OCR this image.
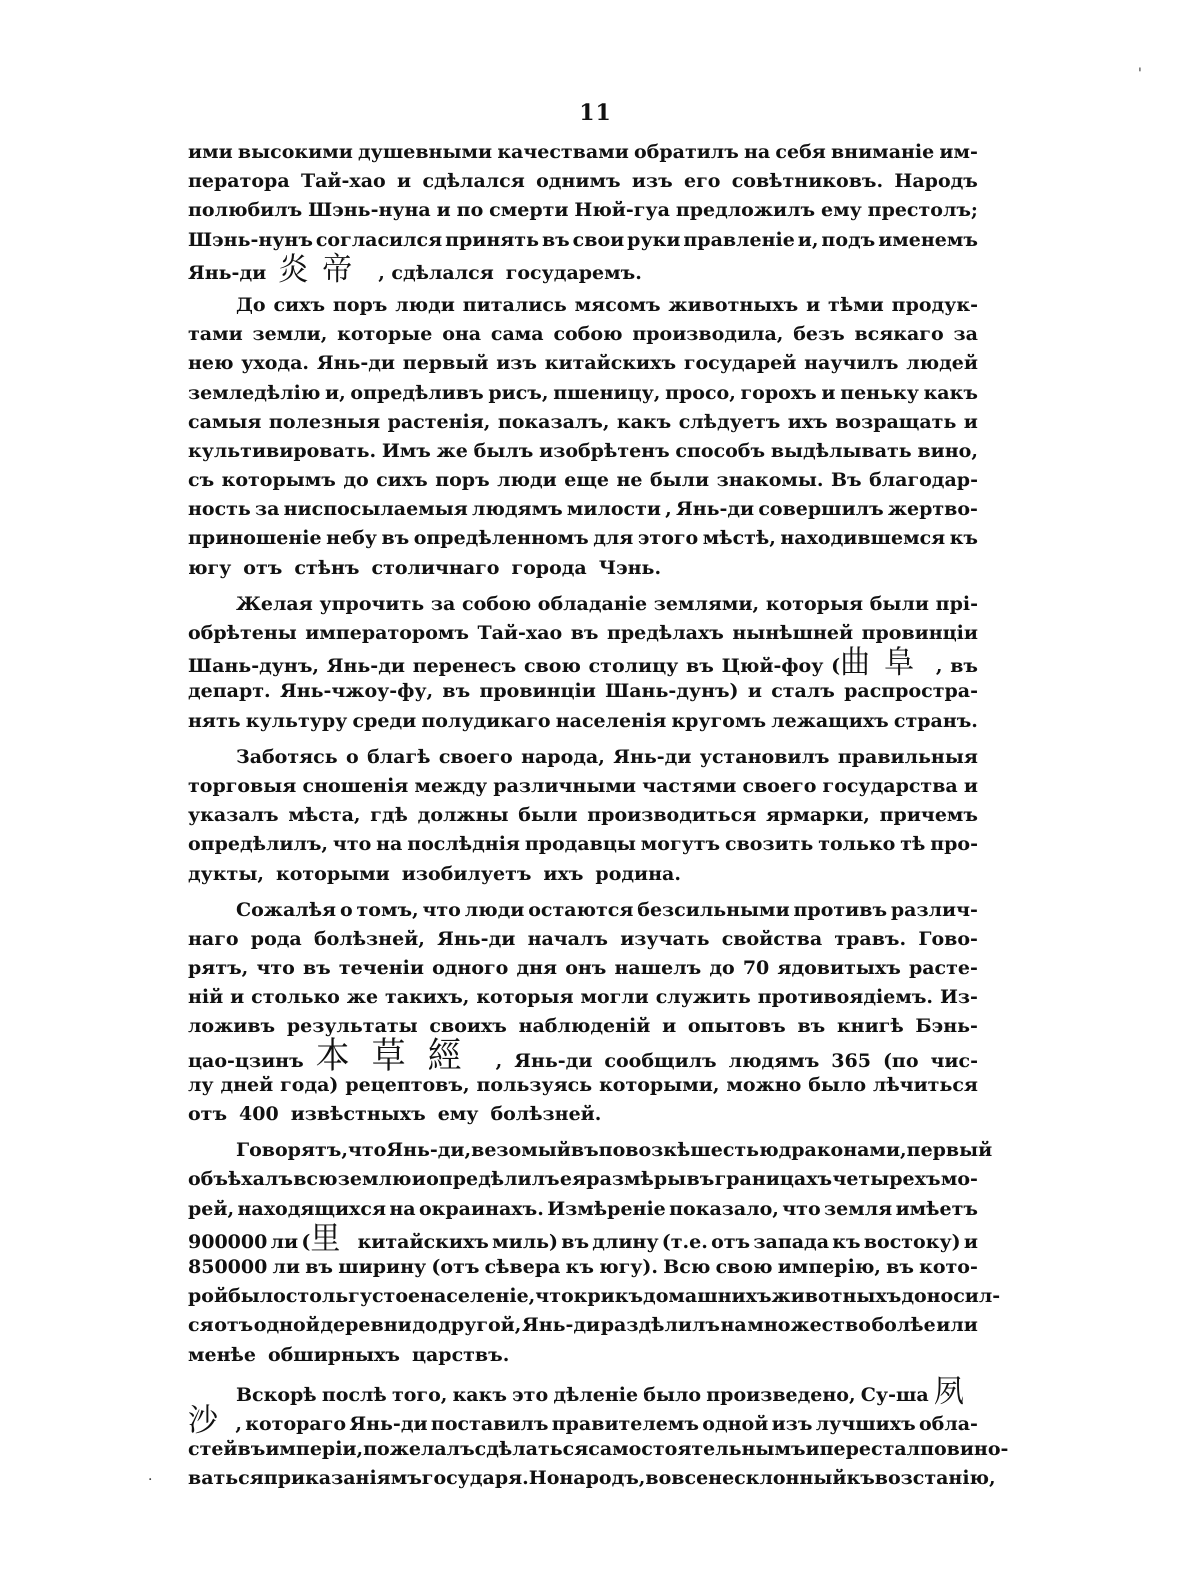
11
ими высокими душевными качествами обратилъ на себя вниманіе им-
ператора Тай-хао и сдѣлался однимъ изъ его совѣтниковъ. Народъ
полюбилъ Шэнь-нуна и по смерти Нюй-гуа предложилъ ему престолъ;
Шэнь-нунъ согласился принять въ свои руки правленіе и, подъ именемъ
Янь-ди 炎帝 , сдѣлался государемъ.
До сихъ поръ люди питались мясомъ животныхъ и тѣми продук-
тами земли, которые она сама собою производила, безъ всякаго за
нею ухода. Янь-ди первый изъ китайскихъ государей научилъ людей
земледѣлію и, опредѣливъ рисъ, пшеницу, просо, горохъ и пеньку какъ
самыя полезныя растенія, показалъ, какъ слѣдуетъ ихъ возращать и
культивировать. Имъ же былъ изобрѣтенъ способъ выдѣлывать вино,
съ которымъ до сихъ поръ люди еще не были знакомы. Въ благодар-
ность за ниспосылаемыя людямъ милости , Янь-ди совершилъ жертво-
приношеніе небу въ опредѣленномъ для этого мѣстѣ, находившемся къ
югу отъ стѣнъ столичнаго города Чэнь.
Желая упрочить за собою обладаніе землями, которыя были прі-
обрѣтены императоромъ Тай-хао въ предѣлахъ нынѣшней провинціи
Шань-дунъ, Янь-ди перенесъ свою столицу въ Цюй-фоу (曲阜 , въ
департ. Янь-чжоу-фу, въ провинціи Шань-дунъ) и сталъ распростра-
нять культуру среди полудикаго населенія кругомъ лежащихъ странъ.
Заботясь о благѣ своего народа, Янь-ди установилъ правильныя
торговыя сношенія между различными частями своего государства и
указалъ мѣста, гдѣ должны были производиться ярмарки, причемъ
опредѣлилъ, что на послѣднія продавцы могутъ свозить только тѣ про-
дукты, которыми изобилуетъ ихъ родина.
Сожалѣя о томъ, что люди остаются безсильными противъ различ-
наго рода болѣзней, Янь-ди началъ изучать свойства травъ. Гово-
рятъ, что въ теченіи одного дня онъ нашелъ до 70 ядовитыхъ расте-
ній и столько же такихъ, которыя могли служить противоядіемъ. Из-
ложивъ результаты своихъ наблюденій и опытовъ въ книгѣ Бэнь-
цао-цзинъ 本草經 , Янь-ди сообщилъ людямъ 365 (по чис-
лу дней года) рецептовъ, пользуясь которыми, можно было лѣчиться
отъ 400 извѣстныхъ ему болѣзней.
Говорятъ, что Янь-ди, везомый въ повозкѣ шестью драконами, первый
объѣхалъ всю землю и опредѣлилъ ея размѣры въ границахъ четырехъ мо-
рей, находящихся на окраинахъ. Измѣреніе показало, что земля имѣетъ
900000 ли (里 китайскихъ миль) въ длину (т.е. отъ запада къ востоку) и
850000 ли въ ширину (отъ сѣвера къ югу). Всю свою имперію, въ кото-
рой было столь густое населеніе, что крикъ домашнихъ животныхъ доносил-
ся отъ одной деревни до другой, Янь-ди раздѣлилъ на множество болѣе или
менѣе обширныхъ царствъ.
Вскорѣ послѣ того, какъ это дѣленіе было произведено, Су-ша 夙
沙 , котораго Янь-ди поставилъ правителемъ одной изъ лучшихъ обла-
стей въ имперіи, пожелалъ сдѣлаться самостоятельнымъ и перестал повино-
ваться приказаніямъ государя. Но народъ, вовсе не склонный къ возстанію,
'
·
